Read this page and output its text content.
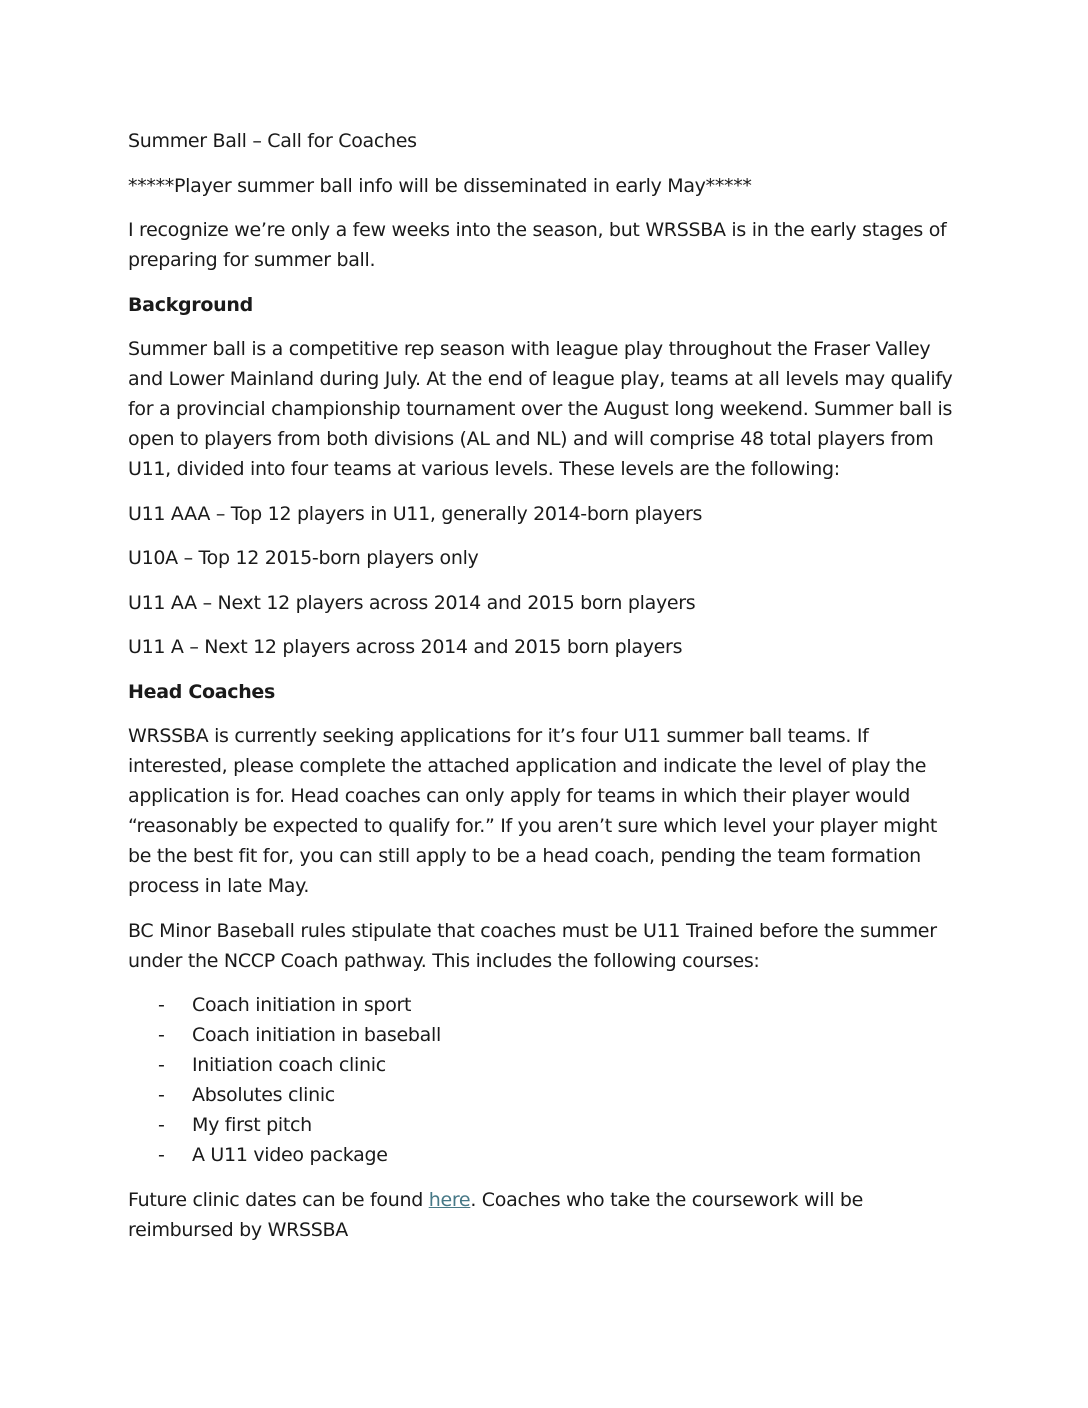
Summer Ball – Call for Coaches

*****Player summer ball info will be disseminated in early May*****

I recognize we’re only a few weeks into the season, but WRSSBA is in the early stages of preparing for summer ball.

Background

Summer ball is a competitive rep season with league play throughout the Fraser Valley and Lower Mainland during July. At the end of league play, teams at all levels may qualify for a provincial championship tournament over the August long weekend. Summer ball is open to players from both divisions (AL and NL) and will comprise 48 total players from U11, divided into four teams at various levels. These levels are the following:

U11 AAA – Top 12 players in U11, generally 2014-born players

U10A – Top 12 2015-born players only

U11 AA – Next 12 players across 2014 and 2015 born players

U11 A – Next 12 players across 2014 and 2015 born players

Head Coaches

WRSSBA is currently seeking applications for it’s four U11 summer ball teams. If interested, please complete the attached application and indicate the level of play the application is for. Head coaches can only apply for teams in which their player would “reasonably be expected to qualify for.” If you aren’t sure which level your player might be the best fit for, you can still apply to be a head coach, pending the team formation process in late May.

BC Minor Baseball rules stipulate that coaches must be U11 Trained before the summer under the NCCP Coach pathway. This includes the following courses:

- Coach initiation in sport
- Coach initiation in baseball
- Initiation coach clinic
- Absolutes clinic
- My first pitch
- A U11 video package

Future clinic dates can be found here. Coaches who take the coursework will be reimbursed by WRSSBA
